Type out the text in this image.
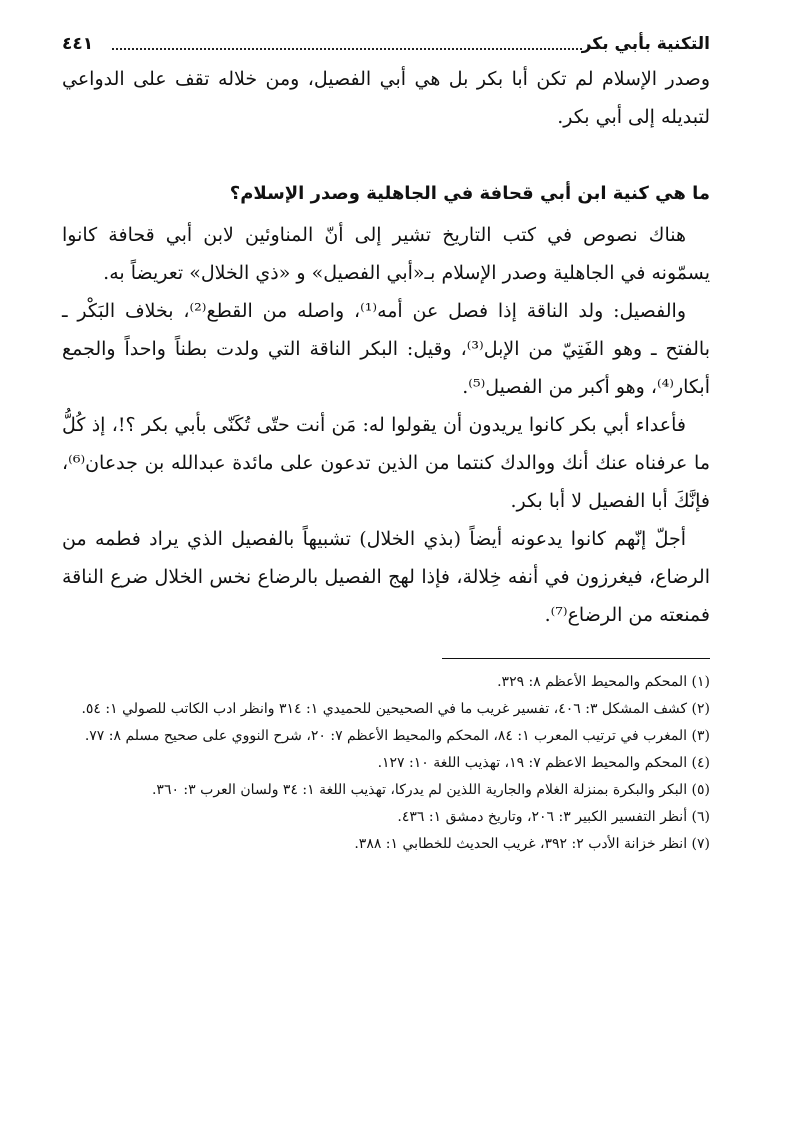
التكنية بأبي بكر
٤٤١

وصدر الإسلام لم تكن أبا بكر بل هي أبي الفصيل، ومن خلاله تقف على الدواعي لتبديله إلى أبي بكر.

ما هي كنية ابن أبي قحافة في الجاهلية وصدر الإسلام؟

هناك نصوص في كتب التاريخ تشير إلى أنّ المناوئين لابن أبي قحافة كانوا يسمّونه في الجاهلية وصدر الإسلام بـ«أبي الفصيل» و «ذي الخلال» تعريضاً به.

والفصيل: ولد الناقة إذا فصل عن أمه⁽¹⁾، واصله من القطع⁽²⁾، بخلاف البَكْر ـ بالفتح ـ وهو الفَتِيّ من الإبل⁽³⁾، وقيل: البكر الناقة التي ولدت بطناً واحداً والجمع أبكار⁽⁴⁾، وهو أكبر من الفصيل⁽⁵⁾.

فأعداء أبي بكر كانوا يريدون أن يقولوا له: مَن أنت حتّى تُكَنّى بأبي بكر ؟!، إذ كُلُّ ما عرفناه عنك أنك ووالدك كنتما من الذين تدعون على مائدة عبدالله بن جدعان⁽⁶⁾، فإنَّكَ أبا الفصيل لا أبا بكر.

أجلّ إنّهم كانوا يدعونه أيضاً (بذي الخلال) تشبيهاً بالفصيل الذي يراد فطمه من الرضاع، فيغرزون في أنفه خِلالة، فإذا لهج الفصيل بالرضاع نخس الخلال ضرع الناقة فمنعته من الرضاع⁽⁷⁾.

(١) المحكم والمحيط الأعظم ٨: ٣٢٩.
(٢) كشف المشكل ٣: ٤٠٦، تفسير غريب ما في الصحيحين للحميدي ١: ٣١٤ وانظر ادب الكاتب للصولي ١: ٥٤.
(٣) المغرب في ترتيب المعرب ١: ٨٤، المحكم والمحيط الأعظم ٧: ٢٠، شرح النووي على صحيح مسلم ٨: ٧٧.
(٤) المحكم والمحيط الاعظم ٧: ١٩، تهذيب اللغة ١٠: ١٢٧.
(٥) البكر والبكرة بمنزلة الغلام والجارية اللذين لم يدركا، تهذيب اللغة ١: ٣٤ ولسان العرب ٣: ٣٦٠.
(٦) أنظر التفسير الكبير ٣: ٢٠٦، وتاريخ دمشق ١: ٤٣٦.
(٧) انظر خزانة الأدب ٢: ٣٩٢، غريب الحديث للخطابي ١: ٣٨٨.
